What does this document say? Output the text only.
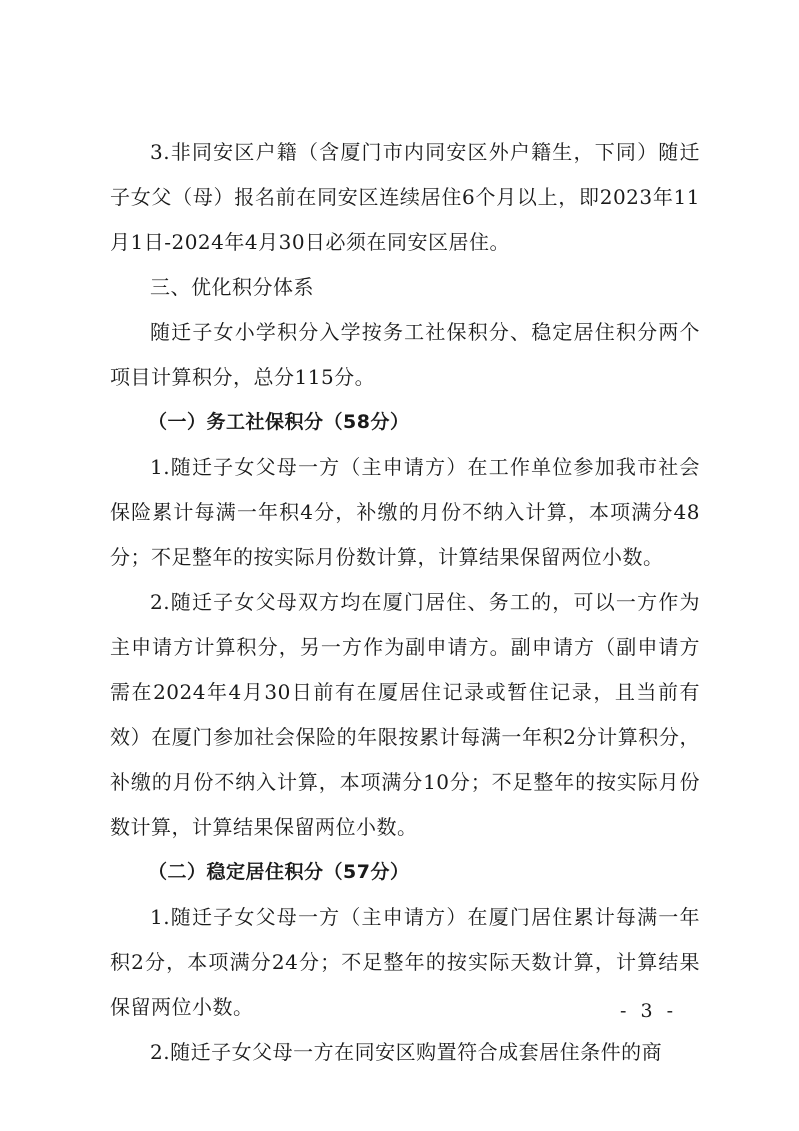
3.非同安区户籍（含厦门市内同安区外户籍生，下同）随迁子女父（母）报名前在同安区连续居住6个月以上，即2023年11月1日-2024年4月30日必须在同安区居住。

三、优化积分体系

随迁子女小学积分入学按务工社保积分、稳定居住积分两个项目计算积分，总分115分。

（一）务工社保积分（58分）

1.随迁子女父母一方（主申请方）在工作单位参加我市社会保险累计每满一年积4分，补缴的月份不纳入计算，本项满分48分；不足整年的按实际月份数计算，计算结果保留两位小数。

2.随迁子女父母双方均在厦门居住、务工的，可以一方作为主申请方计算积分，另一方作为副申请方。副申请方（副申请方需在2024年4月30日前有在厦居住记录或暂住记录，且当前有效）在厦门参加社会保险的年限按累计每满一年积2分计算积分，补缴的月份不纳入计算，本项满分10分；不足整年的按实际月份数计算，计算结果保留两位小数。

（二）稳定居住积分（57分）

1.随迁子女父母一方（主申请方）在厦门居住累计每满一年积2分，本项满分24分；不足整年的按实际天数计算，计算结果保留两位小数。

2.随迁子女父母一方在同安区购置符合成套居住条件的商

- 3 -
